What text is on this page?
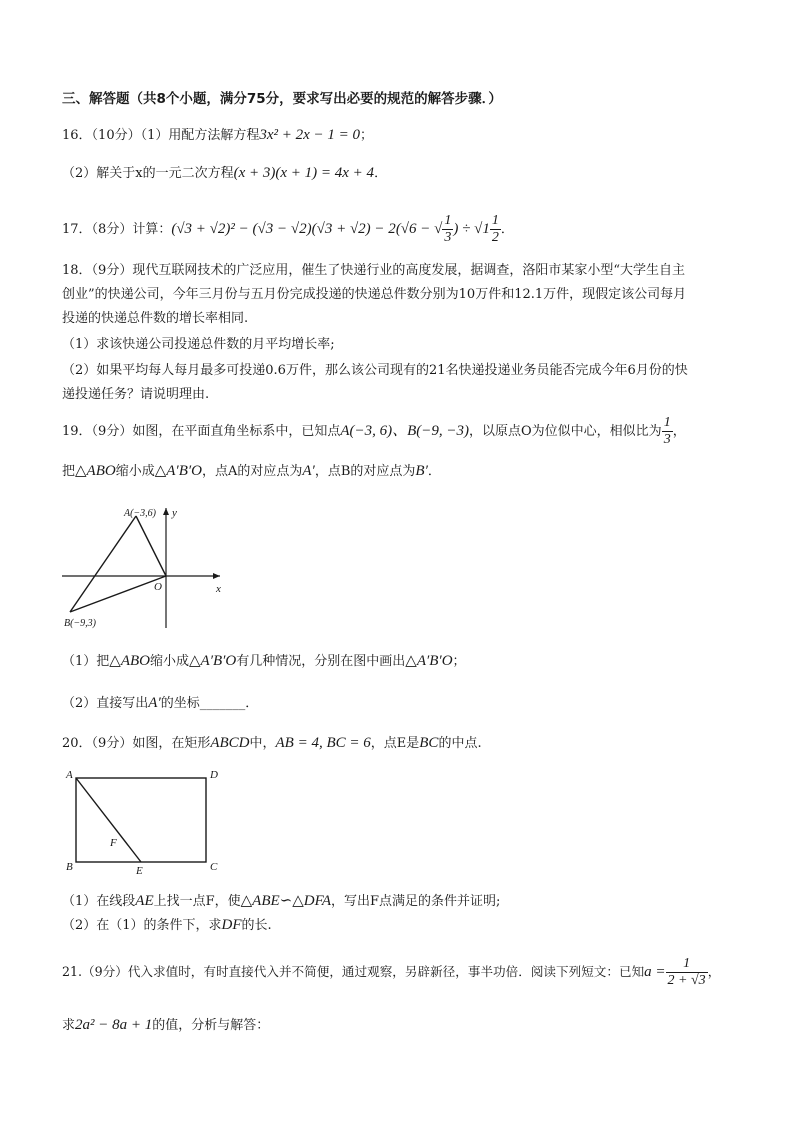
三、解答题（共8个小题，满分75分，要求写出必要的规范的解答步骤．）
16．（10分）（1）用配方法解方程3x² + 2x − 1 = 0；
（2）解关于x的一元二次方程(x + 3)(x + 1) = 4x + 4．
17．（8分）计算：(√3 + √2)² − (√3 − √2)(√3 + √2) − 2(√6 − √ $\frac{1}{3}$ ) ÷ $√1 \frac{1}{2}$ ．
18．（9分）现代互联网技术的广泛应用，催生了快递行业的高度发展，据调查，洛阳市某家小型“大学生自主
创业”的快递公司，今年三月份与五月份完成投递的快递总件数分别为10万件和12.1万件，现假定该公司每月
投递的快递总件数的增长率相同.
（1）求该快递公司投递总件数的月平均增长率;
（2）如果平均每人每月最多可投递0.6万件，那么该公司现有的21名快递投递业务员能否完成今年6月份的快
递投递任务？请说明理由.
19．（9分）如图，在平面直角坐标系中，已知点A(−3, 6)、B(−9, −3)，以原点O为位似中心，相似比为 $\frac{1}{3}$ ，
把△ABO缩小成△A′B′O，点A的对应点为A′，点B的对应点为B′．
A(−3,6)
B(−9,3)
O	x
y
（1）把△ABO缩小成△A′B′O有几种情况，分别在图中画出△A′B′O；
（2）直接写出A′的坐标_______．
20．（9分）如图，在矩形ABCD中，AB = 4, BC = 6，点E是BC的中点.
A	D
B	C
E
F
（1）在线段AE上找一点F，使△ABE∽△DFA，写出F点满足的条件并证明;
（2）在（1）的条件下，求DF的长.
21.（9分）代入求值时，有时直接代入并不简便，通过观察，另辟新径，事半功倍．阅读下列短文：已知$a = \frac{1}{2 + √3}$ ，
求2a² − 8a + 1的值，分析与解答：
